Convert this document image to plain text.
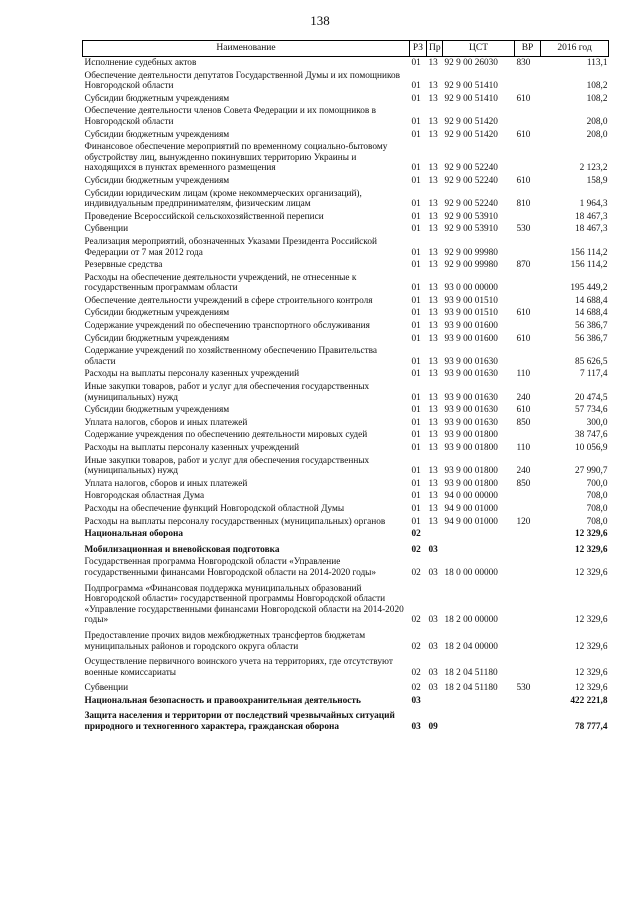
138
Наименование	РЗ	Пр	ЦСТ	ВР	2016 год
Исполнение судебных актов	01	13	92 9 00 26030	830	113,1
Обеспечение деятельности депутатов Государственной Думы и их помощников Новгородской области	01	13	92 9 00 51410		108,2
Субсидии бюджетным учреждениям	01	13	92 9 00 51410	610	108,2
Обеспечение деятельности членов Совета Федерации и их помощников в Новгородской области	01	13	92 9 00 51420		208,0
Субсидии бюджетным учреждениям	01	13	92 9 00 51420	610	208,0
Финансовое обеспечение мероприятий по временному социально-бытовому обустройству лиц, вынужденно покинувших территорию Украины и находящихся в пунктах временного размещения	01	13	92 9 00 52240		2 123,2
Субсидии бюджетным учреждениям	01	13	92 9 00 52240	610	158,9
Субсидии юридическим лицам (кроме некоммерческих организаций), индивидуальным предпринимателям, физическим лицам	01	13	92 9 00 52240	810	1 964,3
Проведение Всероссийской сельскохозяйственной переписи	01	13	92 9 00 53910		18 467,3
Субвенции	01	13	92 9 00 53910	530	18 467,3
Реализация мероприятий, обозначенных Указами Президента Российской Федерации от 7 мая 2012 года	01	13	92 9 00 99980		156 114,2
Резервные средства	01	13	92 9 00 99980	870	156 114,2
Расходы на обеспечение деятельности учреждений, не отнесенные к государственным программам области	01	13	93 0 00 00000		195 449,2
Обеспечение деятельности учреждений в сфере строительного контроля	01	13	93 9 00 01510		14 688,4
Субсидии бюджетным учреждениям	01	13	93 9 00 01510	610	14 688,4
Содержание учреждений по обеспечению транспортного обслуживания	01	13	93 9 00 01600		56 386,7
Субсидии бюджетным учреждениям	01	13	93 9 00 01600	610	56 386,7
Содержание учреждений по хозяйственному обеспечению Правительства области	01	13	93 9 00 01630		85 626,5
Расходы на выплаты персоналу казенных учреждений	01	13	93 9 00 01630	110	7 117,4
Иные закупки товаров, работ и услуг для обеспечения государственных (муниципальных) нужд	01	13	93 9 00 01630	240	20 474,5
Субсидии бюджетным учреждениям	01	13	93 9 00 01630	610	57 734,6
Уплата налогов, сборов и иных платежей	01	13	93 9 00 01630	850	300,0
Содержание учреждения по обеспечению деятельности мировых судей	01	13	93 9 00 01800		38 747,6
Расходы на выплаты персоналу казенных учреждений	01	13	93 9 00 01800	110	10 056,9
Иные закупки товаров, работ и услуг для обеспечения государственных (муниципальных) нужд	01	13	93 9 00 01800	240	27 990,7
Уплата налогов, сборов и иных платежей	01	13	93 9 00 01800	850	700,0
Новгородская областная Дума	01	13	94 0 00 00000		708,0
Расходы на обеспечение функций Новгородской областной Думы	01	13	94 9 00 01000		708,0
Расходы на выплаты персоналу государственных (муниципальных) органов	01	13	94 9 00 01000	120	708,0
Национальная оборона	02				12 329,6
Мобилизационная и вневойсковая подготовка	02	03			12 329,6
Государственная программа Новгородской области «Управление государственными финансами Новгородской области на 2014-2020 годы»	02	03	18 0 00 00000		12 329,6
Подпрограмма «Финансовая поддержка муниципальных образований Новгородской области» государственной программы Новгородской области «Управление государственными финансами Новгородской области на 2014-2020 годы»	02	03	18 2 00 00000		12 329,6
Предоставление прочих видов межбюджетных трансфертов бюджетам муниципальных районов и городского округа области	02	03	18 2 04 00000		12 329,6
Осуществление первичного воинского учета на территориях, где отсутствуют военные комиссариаты	02	03	18 2 04 51180		12 329,6
Субвенции	02	03	18 2 04 51180	530	12 329,6
Национальная безопасность и правоохранительная деятельность	03				422 221,8
Защита населения и территории от последствий чрезвычайных ситуаций природного и техногенного характера, гражданская оборона	03	09			78 777,4
